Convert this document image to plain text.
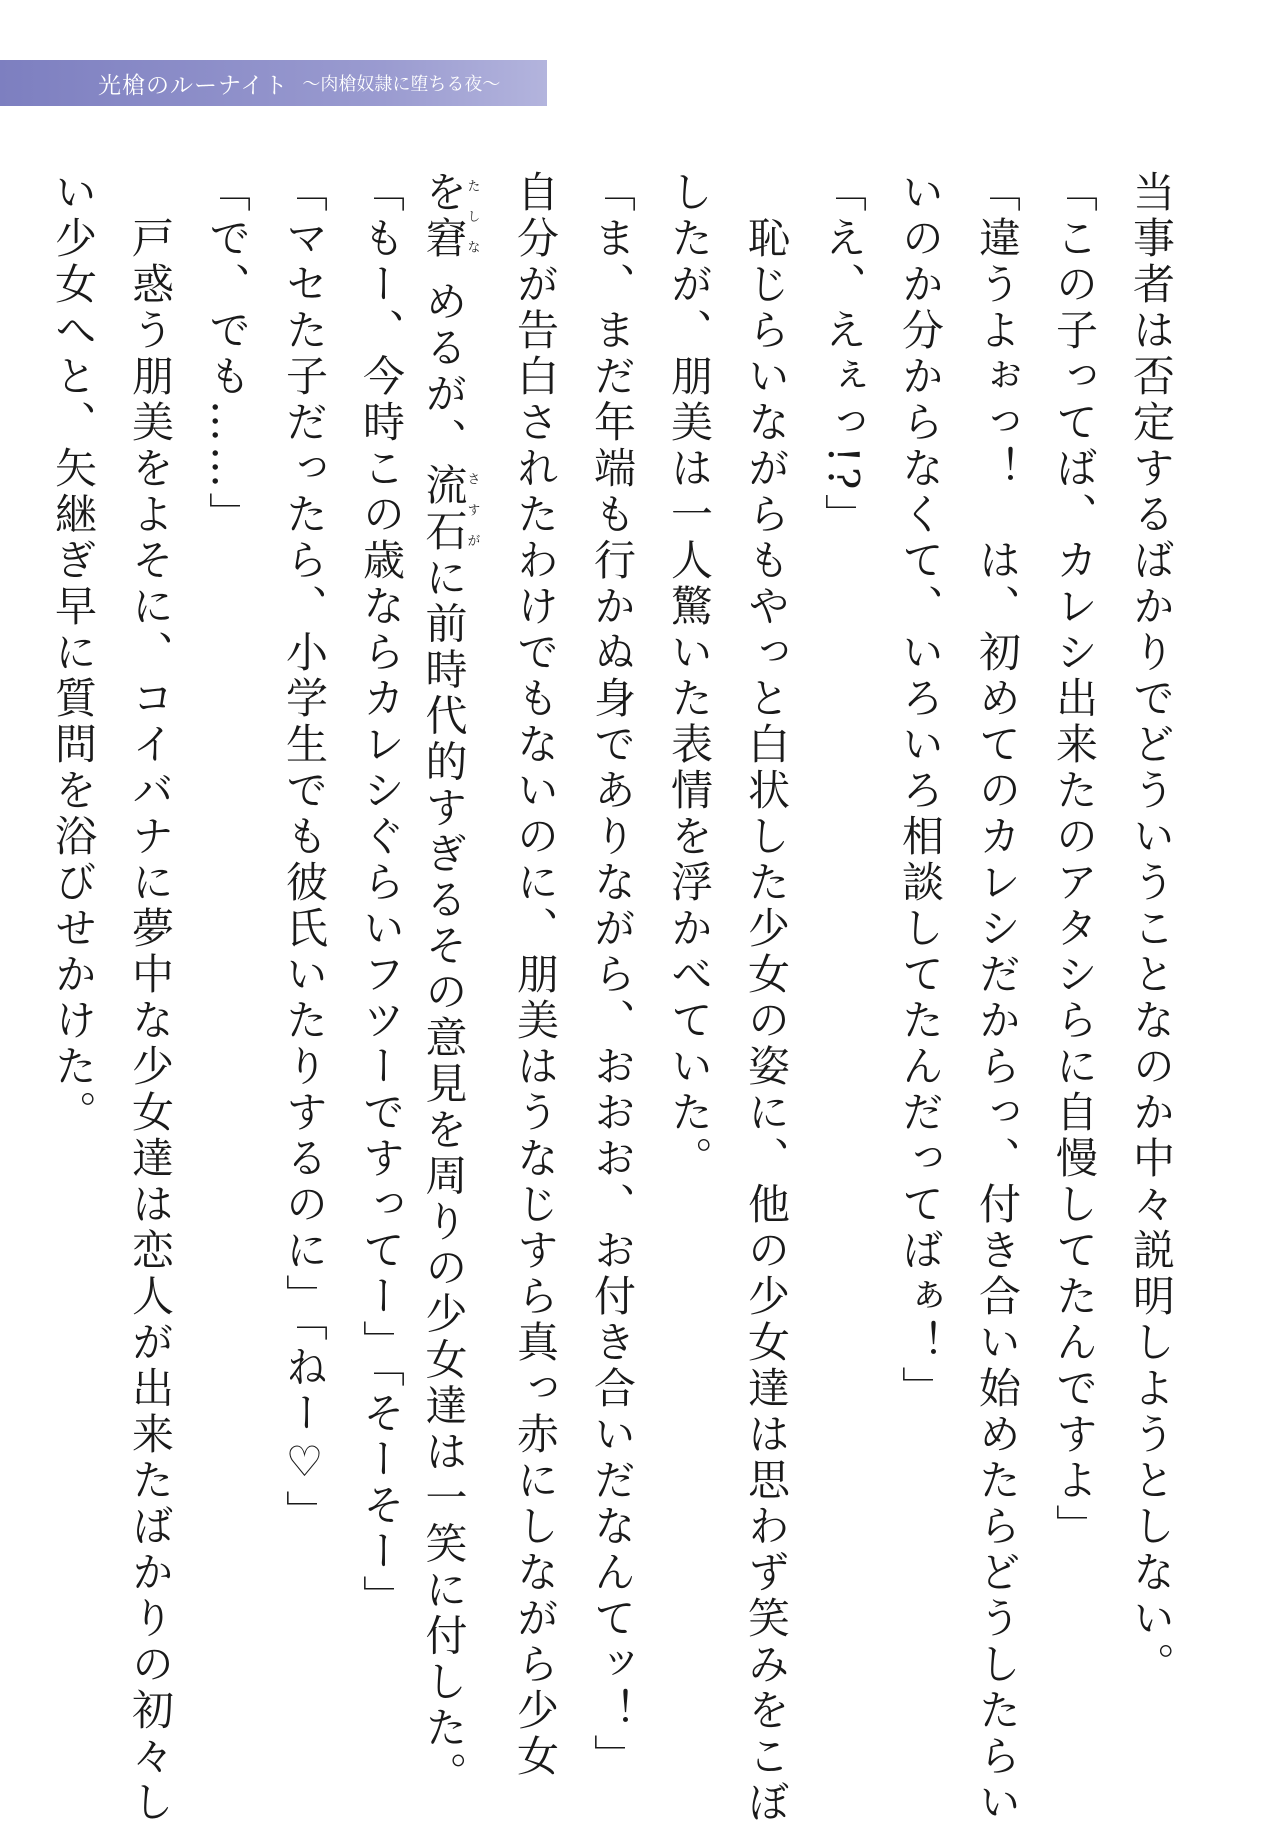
光槍のルーナイト 〜肉槍奴隷に堕ちる夜〜
当事者は否定するばかりでどういうことなのか中々説明しようとしない。
「この子ってば、カレシ出来たのアタシらに自慢してたんですよ」
「違うよぉっ！　は、初めてのカレシだからっ、付き合い始めたらどうしたらい
いのか分からなくて、いろいろ相談してたんだってばぁ！」
「え、えぇっ!?」
　恥じらいながらもやっと白状した少女の姿に、他の少女達は思わず笑みをこぼ
したが、朋美は一人驚いた表情を浮かべていた。
「ま、まだ年端も行かぬ身でありながら、おおお、お付き合いだなんてッ！」
自分が告白されたわけでもないのに、朋美はうなじすら真っ赤にしながら少女
を窘たしな めるが、流石さすがに前時代的すぎるその意見を周りの少女達は一笑に付した。
「もー、今時この歳ならカレシぐらいフツーですってー」「そーそー」
「マセた子だったら、小学生でも彼氏いたりするのに」「ねー♡」
「で、でも……」
　戸惑う朋美をよそに、コイバナに夢中な少女達は恋人が出来たばかりの初々し
い少女へと、矢継ぎ早に質問を浴びせかけた。
